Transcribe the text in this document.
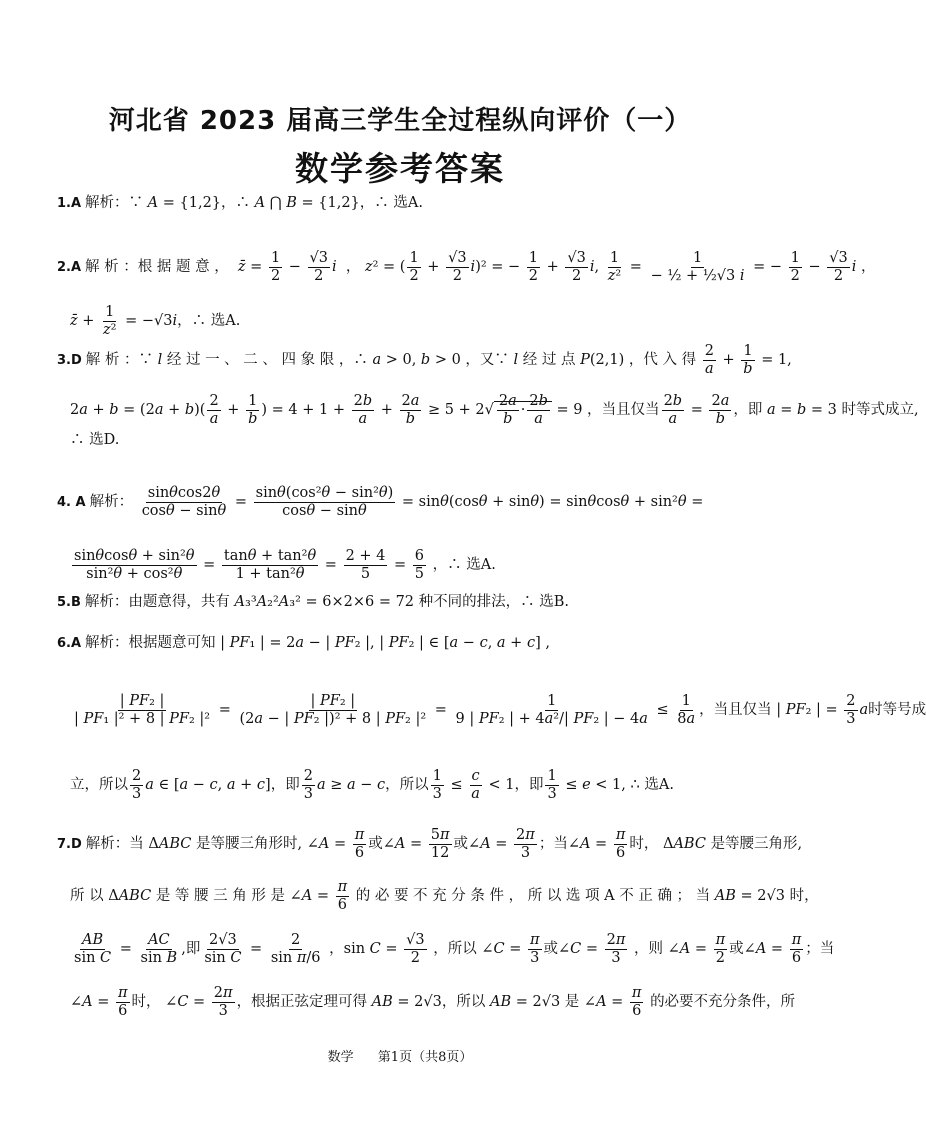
河北省 2023 届高三学生全过程纵向评价（一）
数学参考答案
1.A 解析：∵ A = {1,2}，∴ A ⋂ B = {1,2}，∴ 选A.
2.A 解 析 ：根 据 题 意 ， z̄ = $\frac{1}{2} - \frac{√3}{2}$ i  ， z² = ( $\frac{1}{2} + \frac{√3}{2} i)^2$ = − $\frac{1}{2} + \frac{√3}{2} i$, $\frac{1}{\text{z²}} = \frac{1}{\text{− ½ + ½√3 i}}$ = − $\frac{1}{2} - \frac{√3}{2}$ i ，
z̄ + $\frac{1}{\text{z²}} = -√3i$，∴ 选A.
3.D 解 析 ：∵ l 经 过 一 、 二 、 四 象 限 ，∴ a > 0, b > 0 ，又∵ l 经 过 点 P(2,1) ，代 入 得 $\frac{2}{a} + \frac{1}{b} = 1$,
$2a + b = (2a + b)( \frac{2}{a} + \frac{1}{b}$ ) = $4 + 1 + \frac{2b}{a} + \frac{2a}{b} \ge 5 + 2√ \frac{2a}{b} \cdot \frac{2b}{a} = 9$ ，当且仅当 $\frac{2b}{a} = \frac{2a}{b}$ ，即 a = b = 3 时等式成立,
∴ 选D.
4. A 解析： $\frac{\sin\theta\cos 2\theta}{\cos\theta - \sin\theta} = \frac{\text{sinθ(cos²θ − sin²θ)}}{\cos\theta - \sin\theta} = \sin\theta(\cos\theta + \sin\theta) = \sin\theta\cos\theta + \sin^2\theta$ =
$\frac{\text{sinθcosθ + sin²θ}}{\text{sin²θ + cos²θ}} = \frac{\text{tanθ + tan²θ}}{\text{1 + tan²θ}} = \frac{2 + 4}{5} = \frac{6}{5}$ ，∴ 选A.
5.B 解析：由题意得，共有 A₃³A₂²A₃² = 6×2×6 = 72 种不同的排法，∴ 选B.
6.A 解析：根据题意可知 | PF₁ | = 2a − | PF₂ |, | PF₂ | ∈ [a − c, a + c] ,
$\frac{\text{| PF₂ |}}{\text{| PF₁ |² + 8 | PF₂ |²}} = \frac{\text{| PF₂ |}}{\text{(2a − | PF₂ |)² + 8 | PF₂ |²}} = \frac{1}{\text{9 | PF₂ | + 4a²/| PF₂ | − 4a}} \le \frac{1}{8a}$ ，当且仅当 | PF₂ | = $\frac{2}{3}$ a时等号成
立，所以 $\frac{2}{3}$ a ∈ [a − c, a + c]，即 $\frac{2}{3}$ a ≥ a − c，所以 $\frac{1}{3} \le \frac{c}{a} < 1$，即 $\frac{1}{3} \le e < 1$, ∴ 选A.
7.D 解析：当 ΔABC 是等腰三角形时, ∠A = $\frac{\pi}{6}$ 或∠A = $\frac{5\pi}{12}$ 或∠A = $\frac{2\pi}{3}$ ；当∠A = $\frac{\pi}{6}$ 时， ΔABC 是等腰三角形,
所 以 ΔABC 是 等 腰 三 角 形 是 ∠A = $\frac{\pi}{6}$ 的 必 要 不 充 分 条 件 ， 所 以 选 项 A 不 正 确 ； 当 AB = 2√3 时，
$\frac{AB}{\text{sin C}} = \frac{AC}{\text{sin B}}$ ,即 $\frac{2√3}{\text{sin C}} = \frac{2}{\text{sin π/6}}$ ，$\sin C = \frac{√3}{2}$ ，所以 ∠C = $\frac{\pi}{3}$ 或∠C = $\frac{2\pi}{3}$ ，则 ∠A = $\frac{\pi}{2}$ 或∠A = $\frac{\pi}{6}$ ；当
∠A = $\frac{\pi}{6}$ 时， ∠C = $\frac{2\pi}{3}$ ，根据正弦定理可得 AB = 2√3，所以 AB = 2√3 是 ∠A = $\frac{\pi}{6}$ 的必要不充分条件，所
数学 第1页（共8页）
